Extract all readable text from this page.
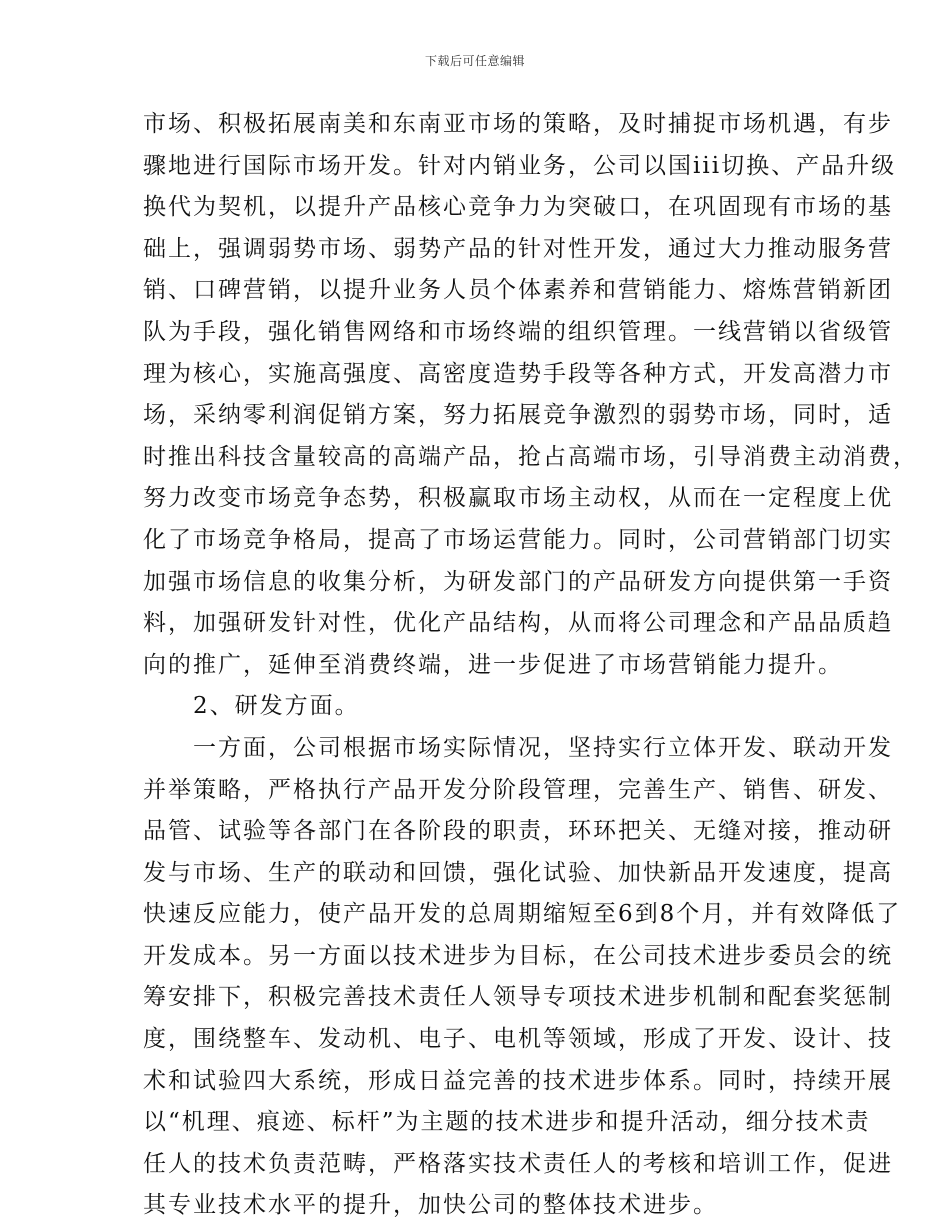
下载后可任意编辑

市场、积极拓展南美和东南亚市场的策略，及时捕捉市场机遇，有步
骤地进行国际市场开发。针对内销业务，公司以国iii切换、产品升级
换代为契机，以提升产品核心竞争力为突破口，在巩固现有市场的基
础上，强调弱势市场、弱势产品的针对性开发，通过大力推动服务营
销、口碑营销，以提升业务人员个体素养和营销能力、熔炼营销新团
队为手段，强化销售网络和市场终端的组织管理。一线营销以省级管
理为核心，实施高强度、高密度造势手段等各种方式，开发高潜力市
场，采纳零利润促销方案，努力拓展竞争激烈的弱势市场，同时，适
时推出科技含量较高的高端产品，抢占高端市场，引导消费主动消费，
努力改变市场竞争态势，积极赢取市场主动权，从而在一定程度上优
化了市场竞争格局，提高了市场运营能力。同时，公司营销部门切实
加强市场信息的收集分析，为研发部门的产品研发方向提供第一手资
料，加强研发针对性，优化产品结构，从而将公司理念和产品品质趋
向的推广，延伸至消费终端，进一步促进了市场营销能力提升。

2、研发方面。

一方面，公司根据市场实际情况，坚持实行立体开发、联动开发
并举策略，严格执行产品开发分阶段管理，完善生产、销售、研发、
品管、试验等各部门在各阶段的职责，环环把关、无缝对接，推动研
发与市场、生产的联动和回馈，强化试验、加快新品开发速度，提高
快速反应能力，使产品开发的总周期缩短至6到8个月，并有效降低了
开发成本。另一方面以技术进步为目标，在公司技术进步委员会的统
筹安排下，积极完善技术责任人领导专项技术进步机制和配套奖惩制
度，围绕整车、发动机、电子、电机等领域，形成了开发、设计、技
术和试验四大系统，形成日益完善的技术进步体系。同时，持续开展
以“机理、痕迹、标杆”为主题的技术进步和提升活动，细分技术责
任人的技术负责范畴，严格落实技术责任人的考核和培训工作，促进
其专业技术水平的提升，加快公司的整体技术进步。
